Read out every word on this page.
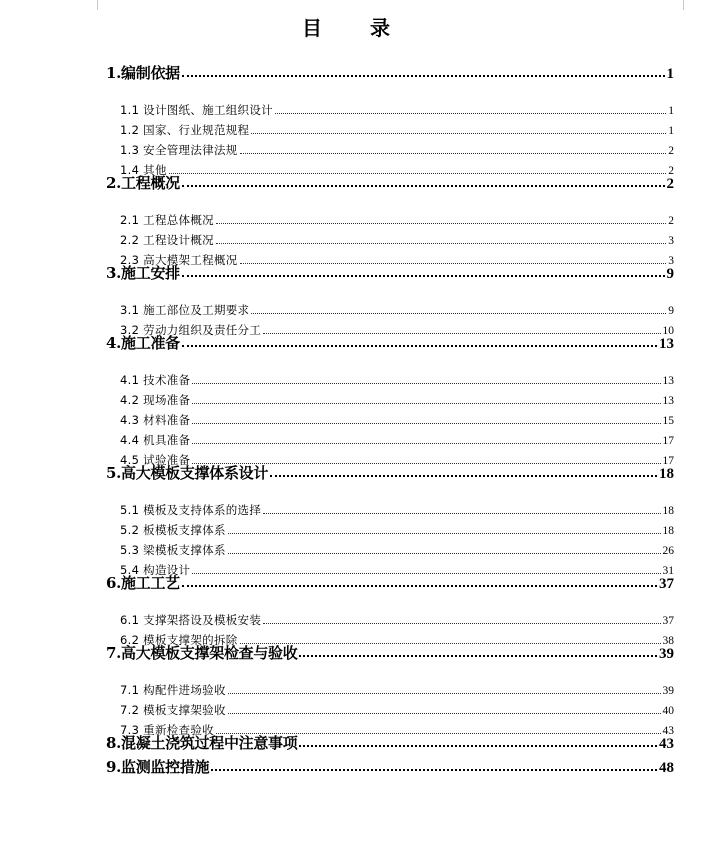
目　录
1.编制依据	1
1.1 设计图纸、施工组织设计	1
1.2 国家、行业规范规程	1
1.3 安全管理法律法规	2
1.4 其他	2
2.工程概况	2
2.1 工程总体概况	2
2.2 工程设计概况	3
2.3 高大模架工程概况	3
3.施工安排	9
3.1 施工部位及工期要求	9
3.2 劳动力组织及责任分工	10
4.施工准备	13
4.1 技术准备	13
4.2 现场准备	13
4.3 材料准备	15
4.4 机具准备	17
4.5 试验准备	17
5.高大模板支撑体系设计	18
5.1 模板及支持体系的选择	18
5.2 板模板支撑体系	18
5.3 梁模板支撑体系	26
5.4 构造设计	31
6.施工工艺	37
6.1 支撑架搭设及模板安装	37
6.2 模板支撑架的拆除	38
7.高大模板支撑架检查与验收	39
7.1 构配件进场验收	39
7.2 模板支撑架验收	40
7.3 重新检查验收	43
8.混凝土浇筑过程中注意事项	43
9.监测监控措施	48
